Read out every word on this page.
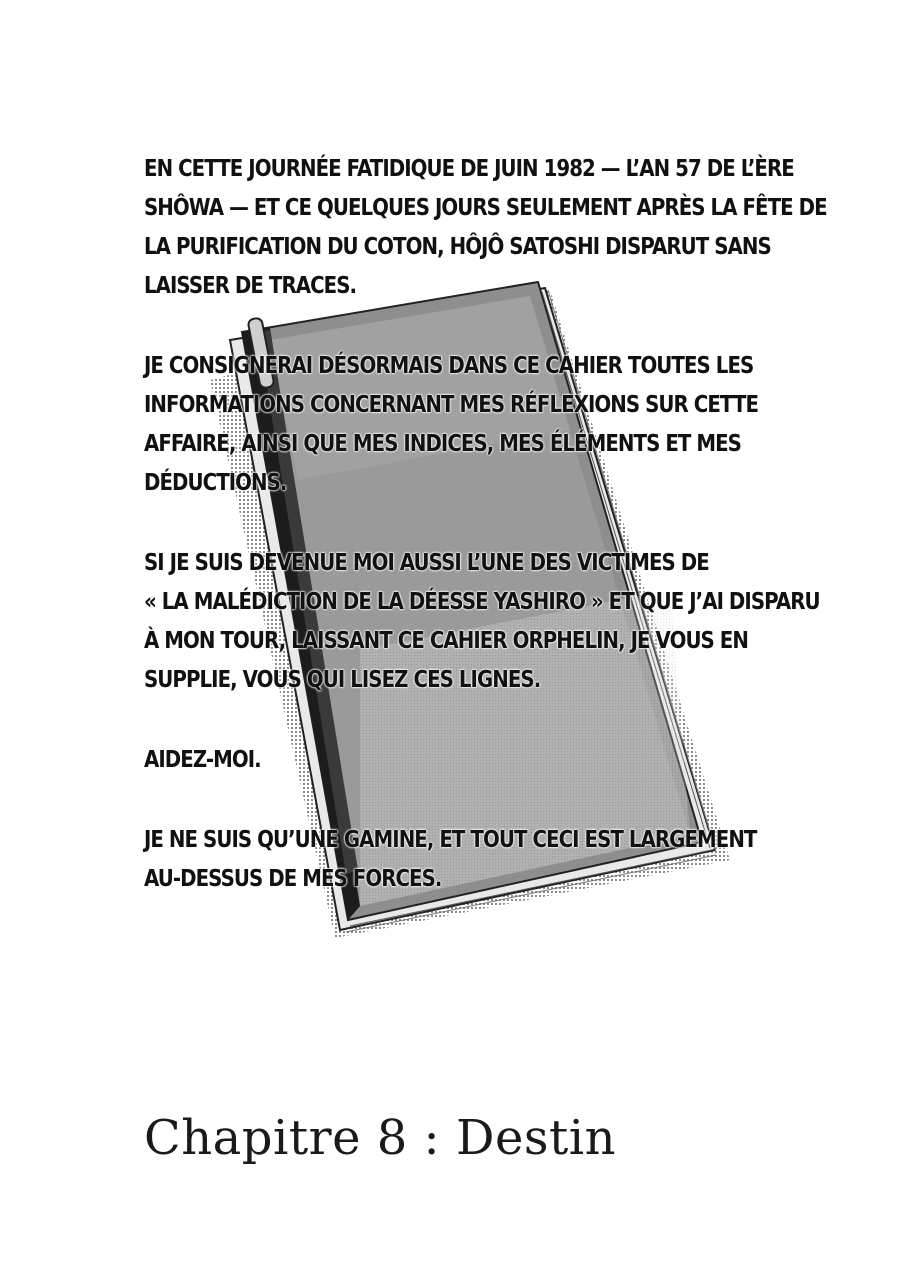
EN CETTE JOURNÉE FATIDIQUE DE JUIN 1982 — L’AN 57 DE L’ÈRE
SHÔWA — ET CE QUELQUES JOURS SEULEMENT APRÈS LA FÊTE DE
LA PURIFICATION DU COTON, HÔJÔ SATOSHI DISPARUT SANS
LAISSER DE TRACES.

JE CONSIGNERAI DÉSORMAIS DANS CE CAHIER TOUTES LES
INFORMATIONS CONCERNANT MES RÉFLEXIONS SUR CETTE
AFFAIRE, AINSI QUE MES INDICES, MES ÉLÉMENTS ET MES
DÉDUCTIONS.

SI JE SUIS DEVENUE MOI AUSSI L’UNE DES VICTIMES DE
« LA MALÉDICTION DE LA DÉESSE YASHIRO » ET QUE J’AI DISPARU
À MON TOUR, LAISSANT CE CAHIER ORPHELIN, JE VOUS EN
SUPPLIE, VOUS QUI LISEZ CES LIGNES.

AIDEZ-MOI.

JE NE SUIS QU’UNE GAMINE, ET TOUT CECI EST LARGEMENT
AU-DESSUS DE MES FORCES.

Chapitre 8 : Destin
